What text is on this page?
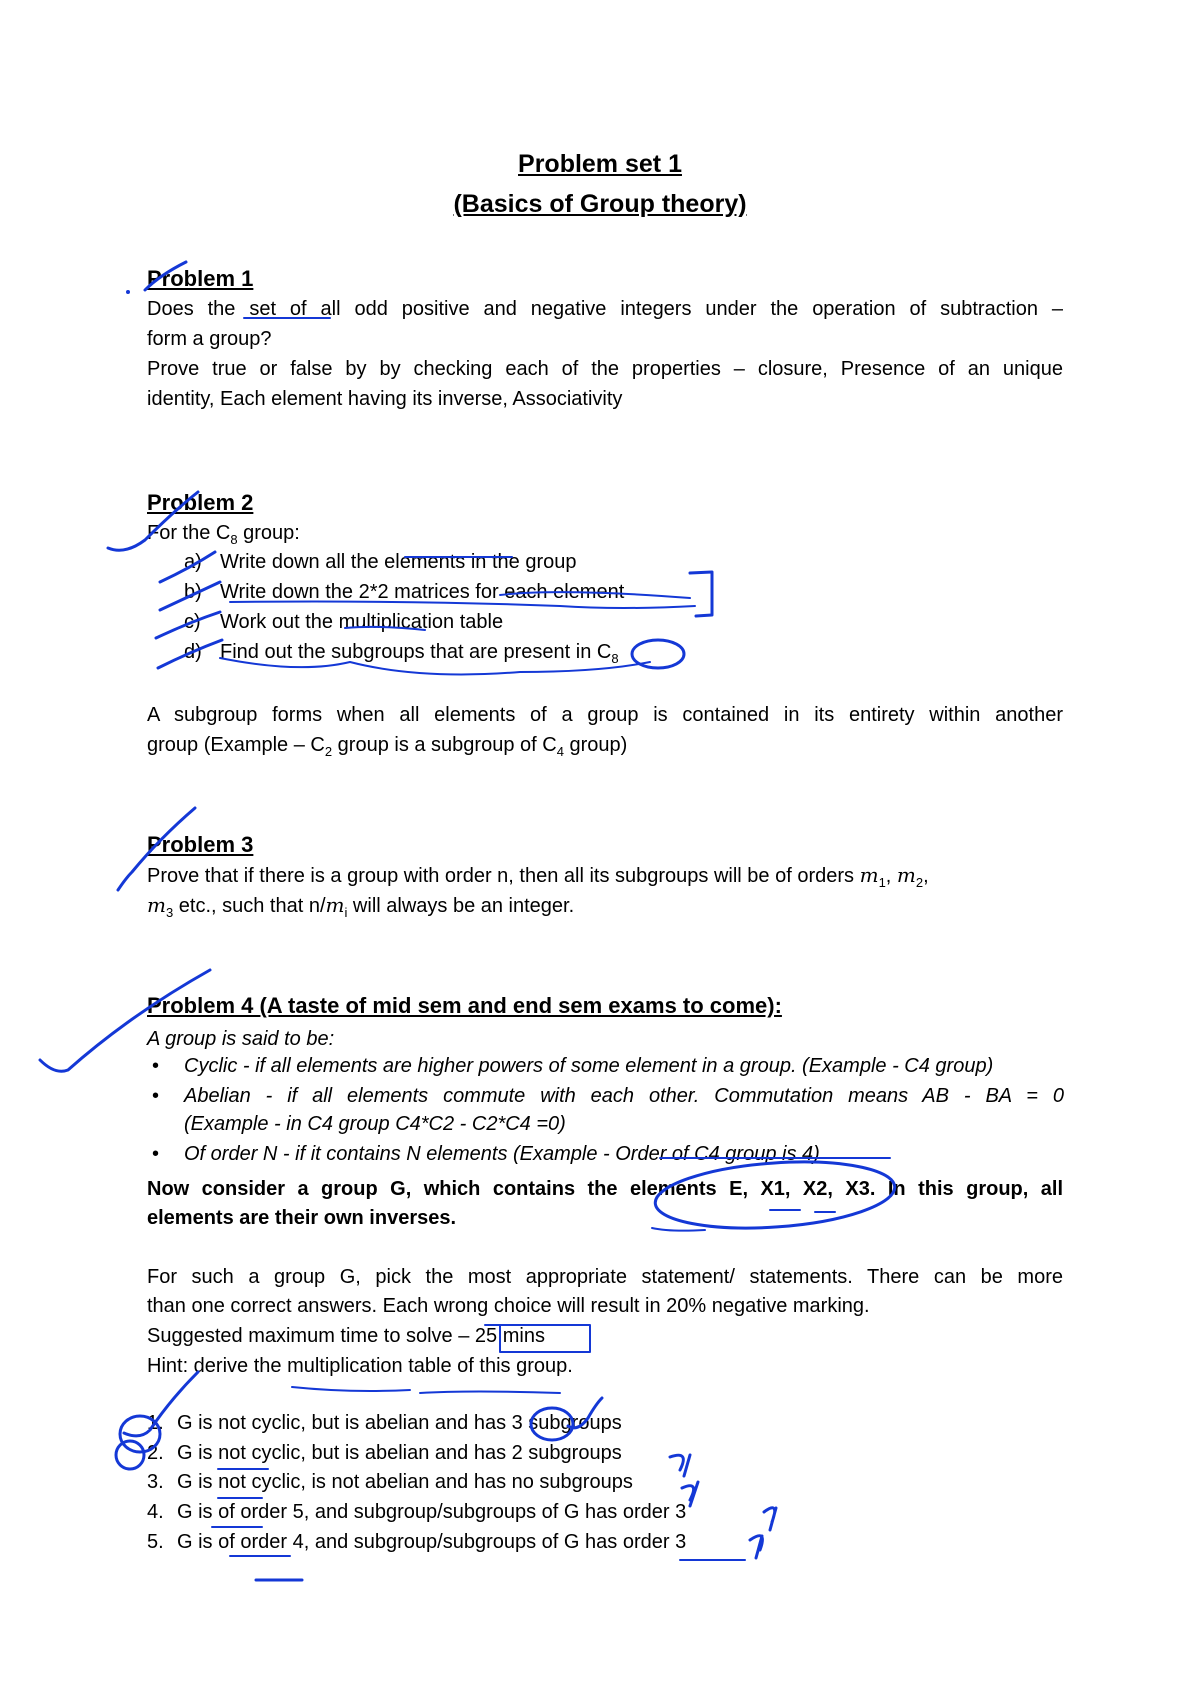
Problem set 1
(Basics of Group theory)
Problem 1
Does the set of all odd positive and negative integers under the operation of subtraction –
form a group?
Prove true or false by by checking each of the properties – closure, Presence of an unique
identity, Each element having its inverse, Associativity
Problem 2
For the $C_8$ group:
a) Write down all the elements in the group
b) Write down the 2*2 matrices for each element
c) Work out the multiplication table
d) Find out the subgroups that are present in $C_8$
A subgroup forms when all elements of a group is contained in its entirety within another
group (Example – $C_2$ group is a subgroup of $C_4$ group)
Problem 3
Prove that if there is a group with order n, then all its subgroups will be of orders $m_1$, $m_2$,
$m_3$ etc., such that $n/m_i$ will always be an integer.
Problem 4 (A taste of mid sem and end sem exams to come):
A group is said to be:
• Cyclic - if all elements are higher powers of some element in a group. (Example - C4 group)
• Abelian - if all elements commute with each other. Commutation means AB - BA = 0
(Example - in C4 group C4*C2 - C2*C4 =0)
• Of order N - if it contains N elements (Example - Order of C4 group is 4)
Now consider a group G, which contains the elements E, X1, X2, X3. In this group, all
elements are their own inverses.
For such a group G, pick the most appropriate statement/ statements. There can be more
than one correct answers. Each wrong choice will result in 20% negative marking.
Suggested maximum time to solve – 25 mins
Hint: derive the multiplication table of this group.
1. G is not cyclic, but is abelian and has 3 subgroups
2. G is not cyclic, but is abelian and has 2 subgroups
3. G is not cyclic, is not abelian and has no subgroups
4. G is of order 5, and subgroup/subgroups of G has order 3
5. G is of order 4, and subgroup/subgroups of G has order 3
